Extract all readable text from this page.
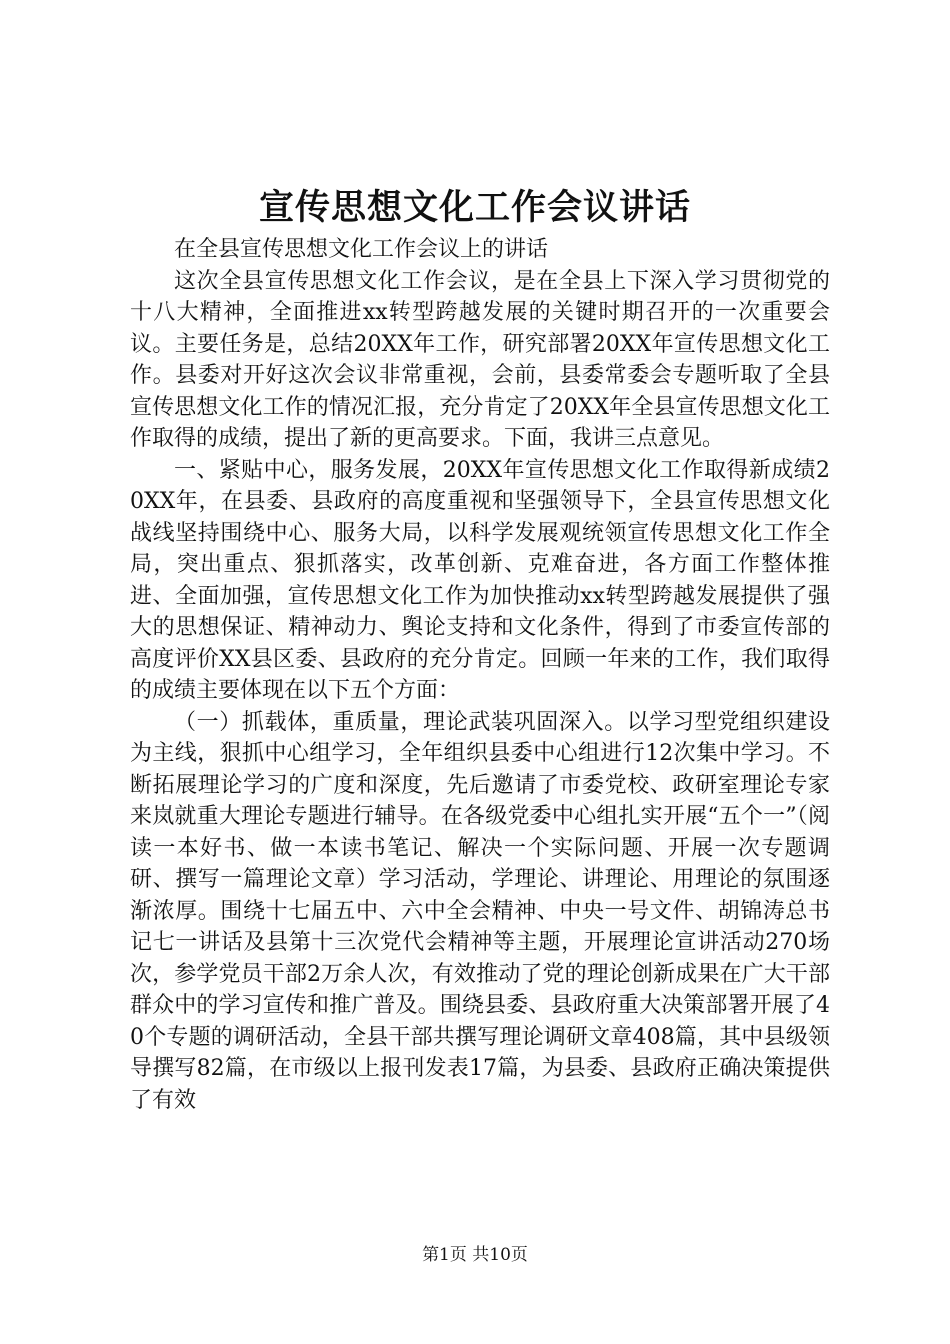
宣传思想文化工作会议讲话

在全县宣传思想文化工作会议上的讲话

这次全县宣传思想文化工作会议，是在全县上下深入学习贯彻党的十八大精神，全面推进xx转型跨越发展的关键时期召开的一次重要会议。主要任务是，总结20XX年工作，研究部署20XX年宣传思想文化工作。县委对开好这次会议非常重视，会前，县委常委会专题听取了全县宣传思想文化工作的情况汇报，充分肯定了20XX年全县宣传思想文化工作取得的成绩，提出了新的更高要求。下面，我讲三点意见。

一、紧贴中心，服务发展，20XX年宣传思想文化工作取得新成绩20XX年，在县委、县政府的高度重视和坚强领导下，全县宣传思想文化战线坚持围绕中心、服务大局，以科学发展观统领宣传思想文化工作全局，突出重点、狠抓落实，改革创新、克难奋进，各方面工作整体推进、全面加强，宣传思想文化工作为加快推动xx转型跨越发展提供了强大的思想保证、精神动力、舆论支持和文化条件，得到了市委宣传部的高度评价XX县区委、县政府的充分肯定。回顾一年来的工作，我们取得的成绩主要体现在以下五个方面：

（一）抓载体，重质量，理论武装巩固深入。以学习型党组织建设为主线，狠抓中心组学习，全年组织县委中心组进行12次集中学习。不断拓展理论学习的广度和深度，先后邀请了市委党校、政研室理论专家来岚就重大理论专题进行辅导。在各级党委中心组扎实开展“五个一”（阅读一本好书、做一本读书笔记、解决一个实际问题、开展一次专题调研、撰写一篇理论文章）学习活动，学理论、讲理论、用理论的氛围逐渐浓厚。围绕十七届五中、六中全会精神、中央一号文件、胡锦涛总书记七一讲话及县第十三次党代会精神等主题，开展理论宣讲活动270场次，参学党员干部2万余人次，有效推动了党的理论创新成果在广大干部群众中的学习宣传和推广普及。围绕县委、县政府重大决策部署开展了40个专题的调研活动，全县干部共撰写理论调研文章408篇，其中县级领导撰写82篇，在市级以上报刊发表17篇，为县委、县政府正确决策提供了有效

第1页 共10页
